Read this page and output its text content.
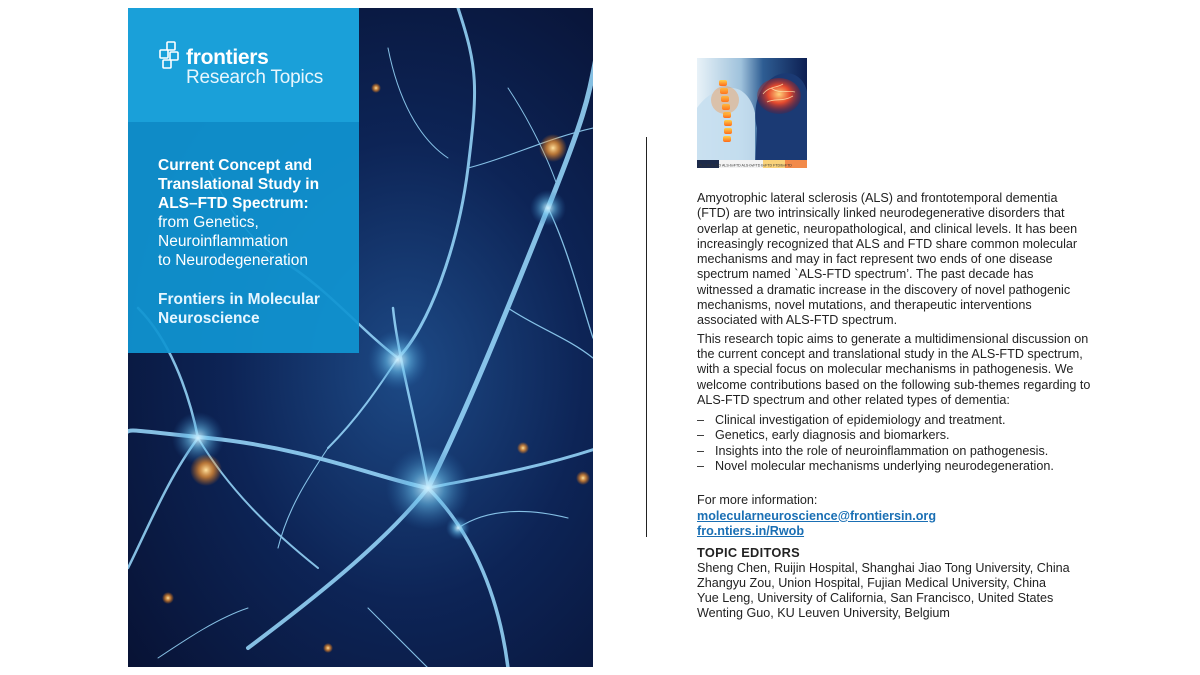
frontiers
Research Topics
Current Concept and
Translational Study in
ALS–FTD Spectrum:
from Genetics,
Neuroinflammation
to Neurodegeneration
Frontiers in Molecular
Neuroscience
ALS ALS-MCI ALS-bvFTD ALS-bvFTD bvFTD FTD/bvFTD

Amyotrophic lateral sclerosis (ALS) and frontotemporal dementia (FTD) are two intrinsically linked neurodegenerative disorders that overlap at genetic, neuropathological, and clinical levels. It has been increasingly recognized that ALS and FTD share common molecular mechanisms and may in fact represent two ends of one disease spectrum named `ALS-FTD spectrum’. The past decade has witnessed a dramatic increase in the discovery of novel pathogenic mechanisms, novel mutations, and therapeutic interventions associated with ALS-FTD spectrum.

This research topic aims to generate a multidimensional discussion on the current concept and translational study in the ALS-FTD spectrum, with a special focus on molecular mechanisms in pathogenesis. We welcome contributions based on the following sub-themes regarding to ALS-FTD spectrum and other related types of dementia:

– Clinical investigation of epidemiology and treatment.
– Genetics, early diagnosis and biomarkers.
– Insights into the role of neuroinflammation on pathogenesis.
– Novel molecular mechanisms underlying neurodegeneration.
For more information:
molecularneuroscience@frontiersin.org
fro.ntiers.in/Rwob
TOPIC EDITORS
Sheng Chen, Ruijin Hospital, Shanghai Jiao Tong University, China
Zhangyu Zou, Union Hospital, Fujian Medical University, China
Yue Leng, University of California, San Francisco, United States
Wenting Guo, KU Leuven University, Belgium
